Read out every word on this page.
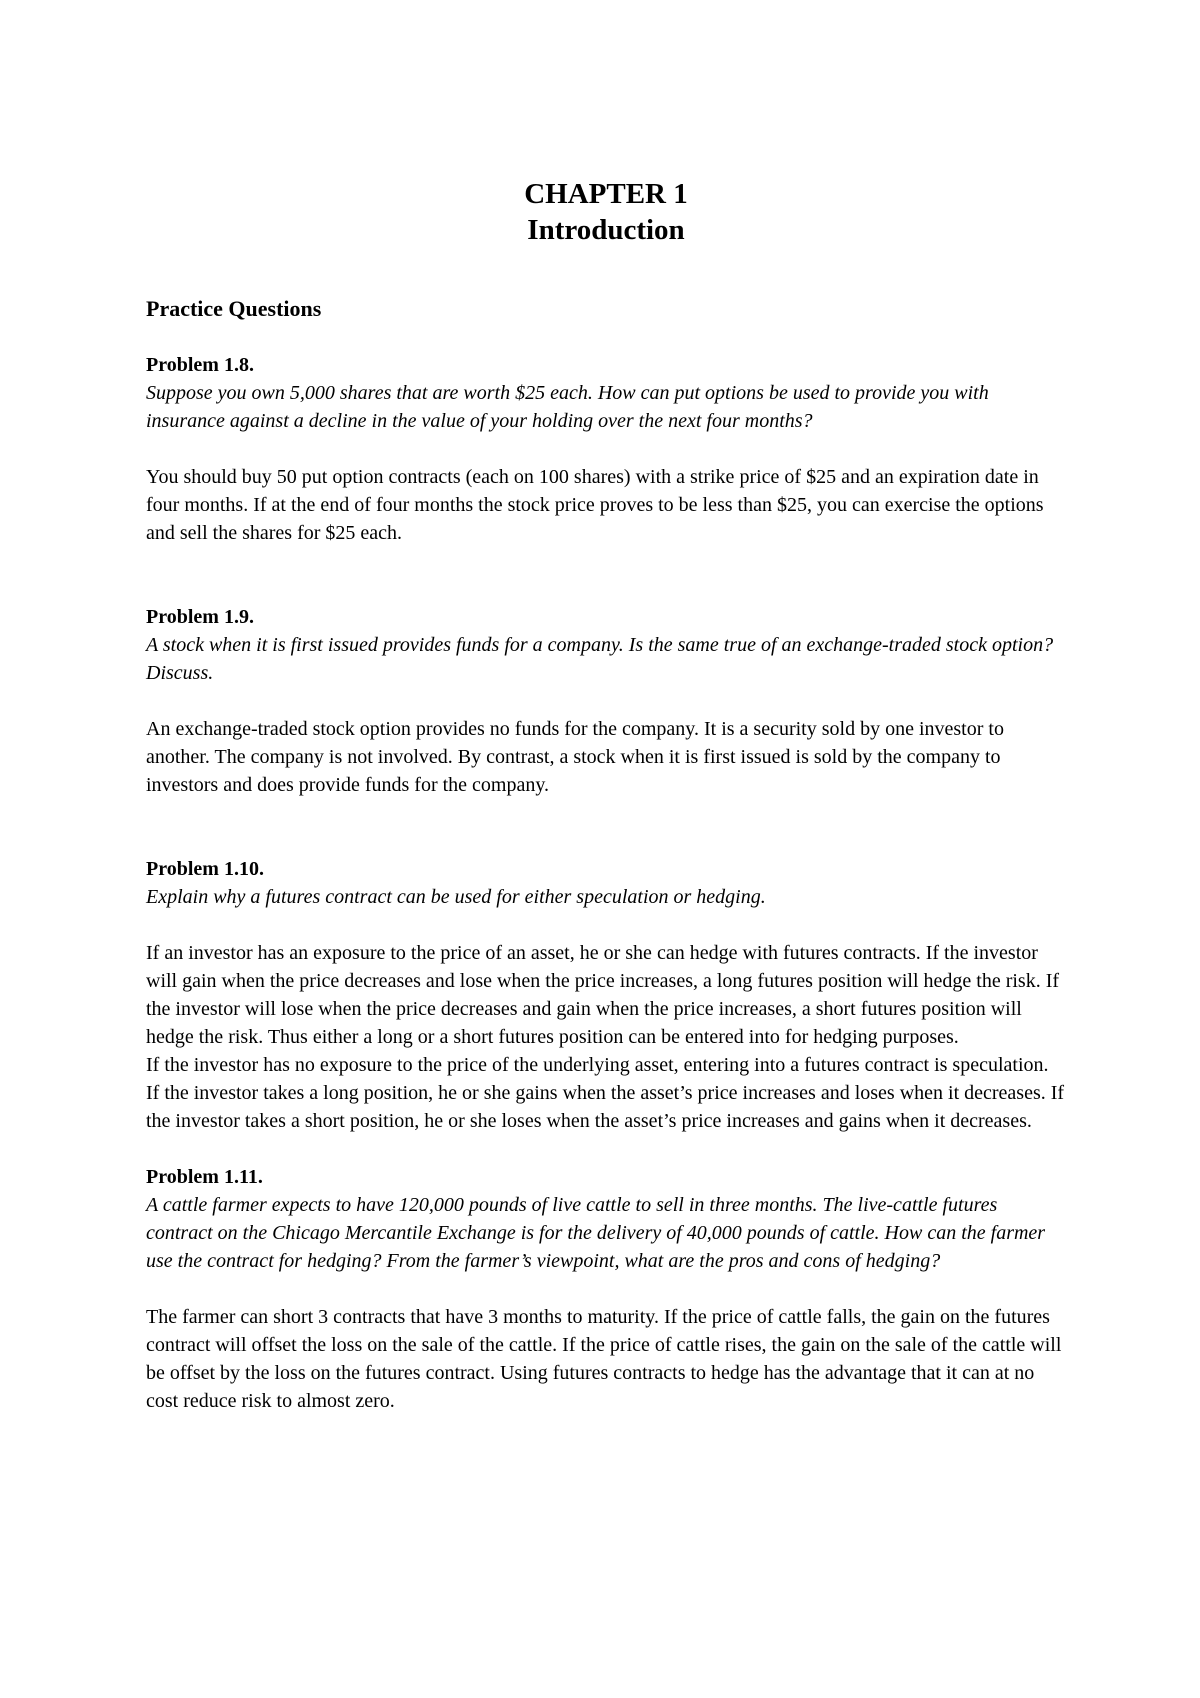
CHAPTER 1
Introduction
Practice Questions
Problem 1.8.
Suppose you own 5,000 shares that are worth $25 each. How can put options be used to provide you with insurance against a decline in the value of your holding over the next four months?
You should buy 50 put option contracts (each on 100 shares) with a strike price of $25 and an expiration date in four months. If at the end of four months the stock price proves to be less than $25, you can exercise the options and sell the shares for $25 each.
Problem 1.9.
A stock when it is first issued provides funds for a company. Is the same true of an exchange-traded stock option? Discuss.
An exchange-traded stock option provides no funds for the company. It is a security sold by one investor to another. The company is not involved. By contrast, a stock when it is first issued is sold by the company to investors and does provide funds for the company.
Problem 1.10.
Explain why a futures contract can be used for either speculation or hedging.
If an investor has an exposure to the price of an asset, he or she can hedge with futures contracts. If the investor will gain when the price decreases and lose when the price increases, a long futures position will hedge the risk. If the investor will lose when the price decreases and gain when the price increases, a short futures position will hedge the risk. Thus either a long or a short futures position can be entered into for hedging purposes.
If the investor has no exposure to the price of the underlying asset, entering into a futures contract is speculation. If the investor takes a long position, he or she gains when the asset’s price increases and loses when it decreases. If the investor takes a short position, he or she loses when the asset’s price increases and gains when it decreases.
Problem 1.11.
A cattle farmer expects to have 120,000 pounds of live cattle to sell in three months. The live-cattle futures contract on the Chicago Mercantile Exchange is for the delivery of 40,000 pounds of cattle. How can the farmer use the contract for hedging? From the farmer’s viewpoint, what are the pros and cons of hedging?
The farmer can short 3 contracts that have 3 months to maturity. If the price of cattle falls, the gain on the futures contract will offset the loss on the sale of the cattle. If the price of cattle rises, the gain on the sale of the cattle will be offset by the loss on the futures contract. Using futures contracts to hedge has the advantage that it can at no cost reduce risk to almost zero.
